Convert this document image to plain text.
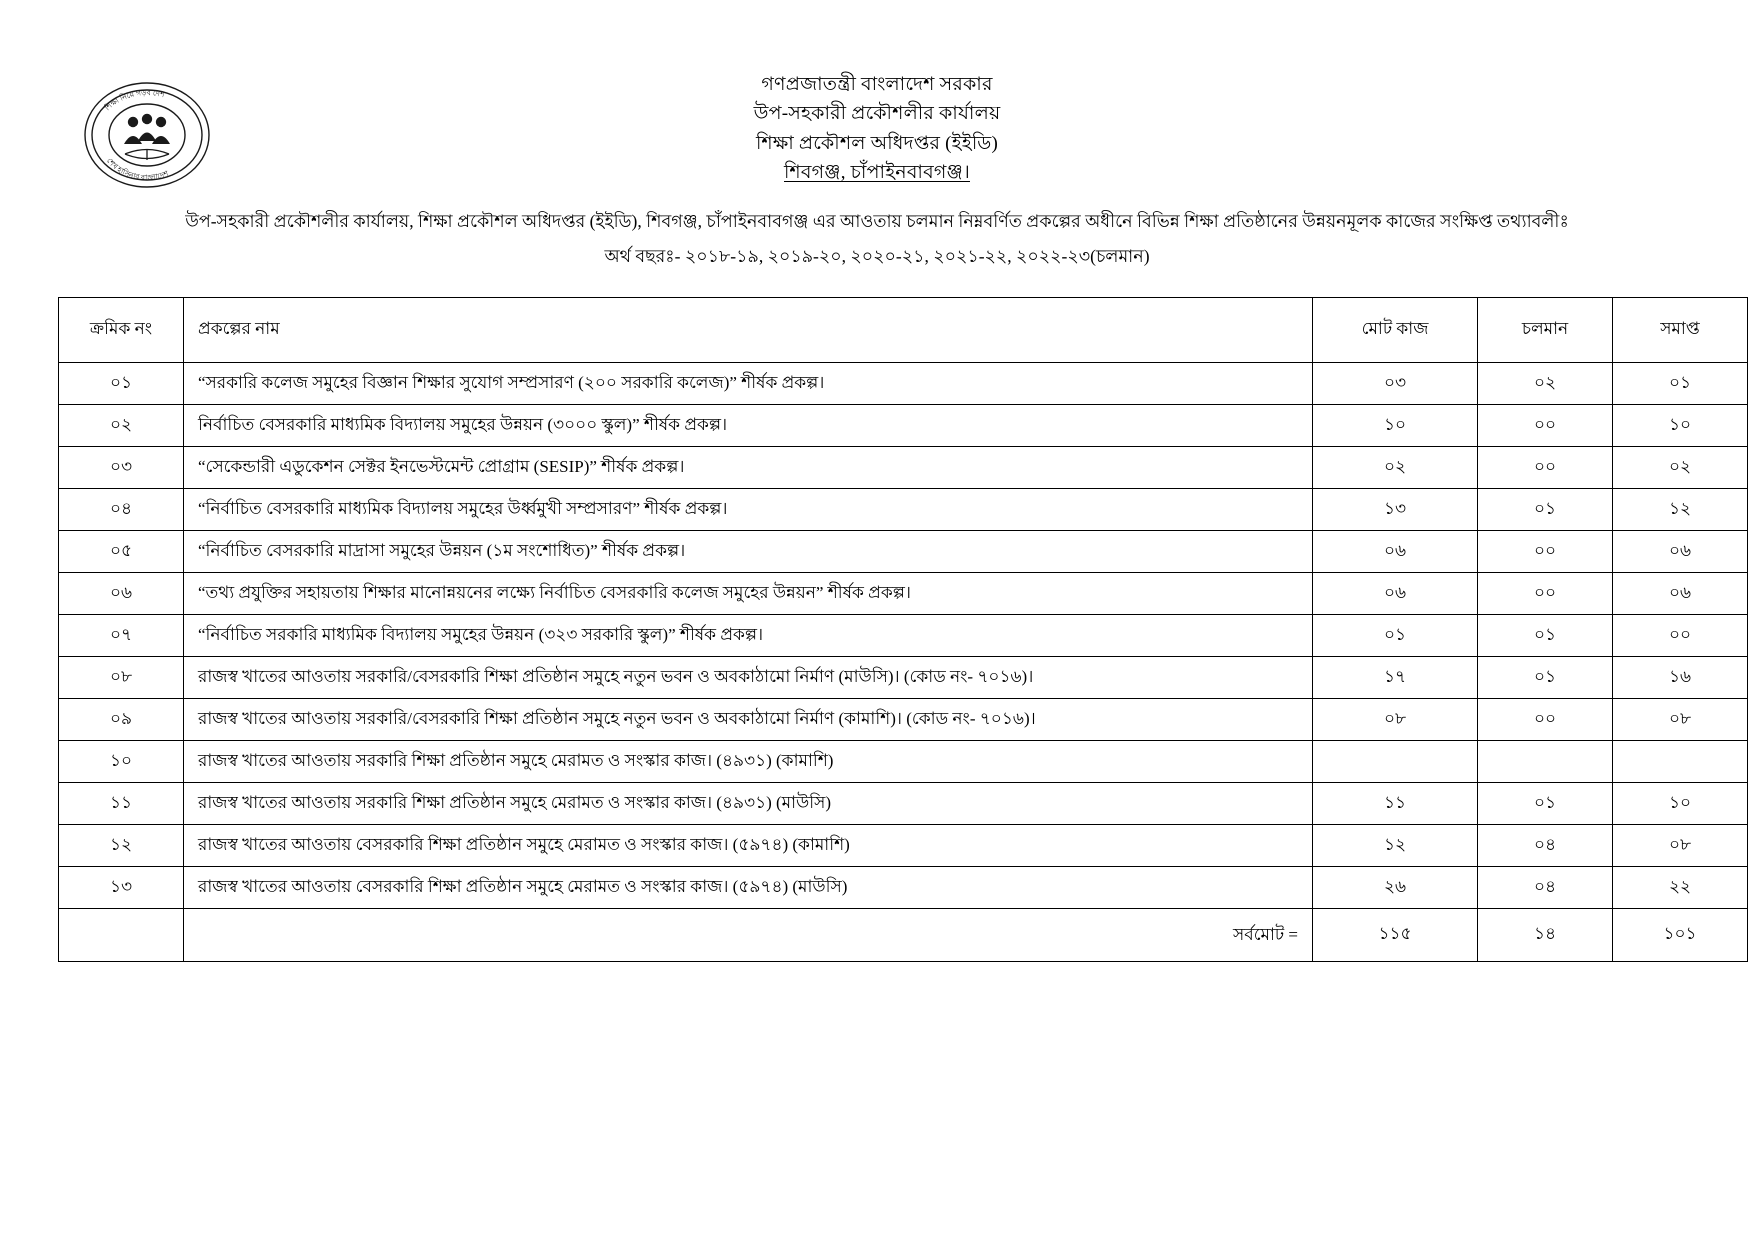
শিক্ষা নিয়ে গড়ব দেশ
শেখ হাসিনার বাংলাদেশ
গণপ্রজাতন্ত্রী বাংলাদেশ সরকার
উপ-সহকারী প্রকৌশলীর কার্যালয়
শিক্ষা প্রকৌশল অধিদপ্তর (ইইডি)
শিবগঞ্জ, চাঁপাইনবাবগঞ্জ।
উপ-সহকারী প্রকৌশলীর কার্যালয়, শিক্ষা প্রকৌশল অধিদপ্তর (ইইডি), শিবগঞ্জ, চাঁপাইনবাবগঞ্জ এর আওতায় চলমান নিম্নবর্ণিত প্রকল্পের অধীনে বিভিন্ন শিক্ষা প্রতিষ্ঠানের উন্নয়নমূলক কাজের সংক্ষিপ্ত তথ্যাবলীঃ
অর্থ বছরঃ- ২০১৮-১৯, ২০১৯-২০, ২০২০-২১, ২০২১-২২, ২০২২-২৩(চলমান)
ক্রমিক নং	প্রকল্পের নাম	মোট কাজ	চলমান	সমাপ্ত
০১	“সরকারি কলেজ সমুহের বিজ্ঞান শিক্ষার সুযোগ সম্প্রসারণ (২০০ সরকারি কলেজ)” শীর্ষক প্রকল্প।	০৩	০২	০১
০২	নির্বাচিত বেসরকারি মাধ্যমিক বিদ্যালয় সমুহের উন্নয়ন (৩০০০ স্কুল)” শীর্ষক প্রকল্প।	১০	০০	১০
০৩	“সেকেন্ডারী এডুকেশন সেক্টর ইনভেস্টমেন্ট প্রোগ্রাম (SESIP)” শীর্ষক প্রকল্প।	০২	০০	০২
০৪	“নির্বাচিত বেসরকারি মাধ্যমিক বিদ্যালয় সমুহের উর্ধ্বমুখী সম্প্রসারণ” শীর্ষক প্রকল্প।	১৩	০১	১২
০৫	“নির্বাচিত বেসরকারি মাদ্রাসা সমুহের উন্নয়ন (১ম সংশোধিত)” শীর্ষক প্রকল্প।	০৬	০০	০৬
০৬	“তথ্য প্রযুক্তির সহায়তায় শিক্ষার মানোন্নয়নের লক্ষ্যে নির্বাচিত বেসরকারি কলেজ সমুহের উন্নয়ন” শীর্ষক প্রকল্প।	০৬	০০	০৬
০৭	“নির্বাচিত সরকারি মাধ্যমিক বিদ্যালয় সমুহের উন্নয়ন (৩২৩ সরকারি স্কুল)” শীর্ষক প্রকল্প।	০১	০১	০০
০৮	রাজস্ব খাতের আওতায় সরকারি/বেসরকারি শিক্ষা প্রতিষ্ঠান সমুহে নতুন ভবন ও অবকাঠামো নির্মাণ (মাউসি)। (কোড নং- ৭০১৬)।	১৭	০১	১৬
০৯	রাজস্ব খাতের আওতায় সরকারি/বেসরকারি শিক্ষা প্রতিষ্ঠান সমুহে নতুন ভবন ও অবকাঠামো নির্মাণ (কামাশি)। (কোড নং- ৭০১৬)।	০৮	০০	০৮
১০	রাজস্ব খাতের আওতায় সরকারি শিক্ষা প্রতিষ্ঠান সমুহে মেরামত ও সংস্কার কাজ। (৪৯৩১) (কামাশি)			
১১	রাজস্ব খাতের আওতায় সরকারি শিক্ষা প্রতিষ্ঠান সমুহে মেরামত ও সংস্কার কাজ। (৪৯৩১) (মাউসি)	১১	০১	১০
১২	রাজস্ব খাতের আওতায় বেসরকারি শিক্ষা প্রতিষ্ঠান সমুহে মেরামত ও সংস্কার কাজ। (৫৯৭৪) (কামাশি)	১২	০৪	০৮
১৩	রাজস্ব খাতের আওতায় বেসরকারি শিক্ষা প্রতিষ্ঠান সমুহে মেরামত ও সংস্কার কাজ। (৫৯৭৪) (মাউসি)	২৬	০৪	২২
	সর্বমোট =	১১৫	১৪	১০১
